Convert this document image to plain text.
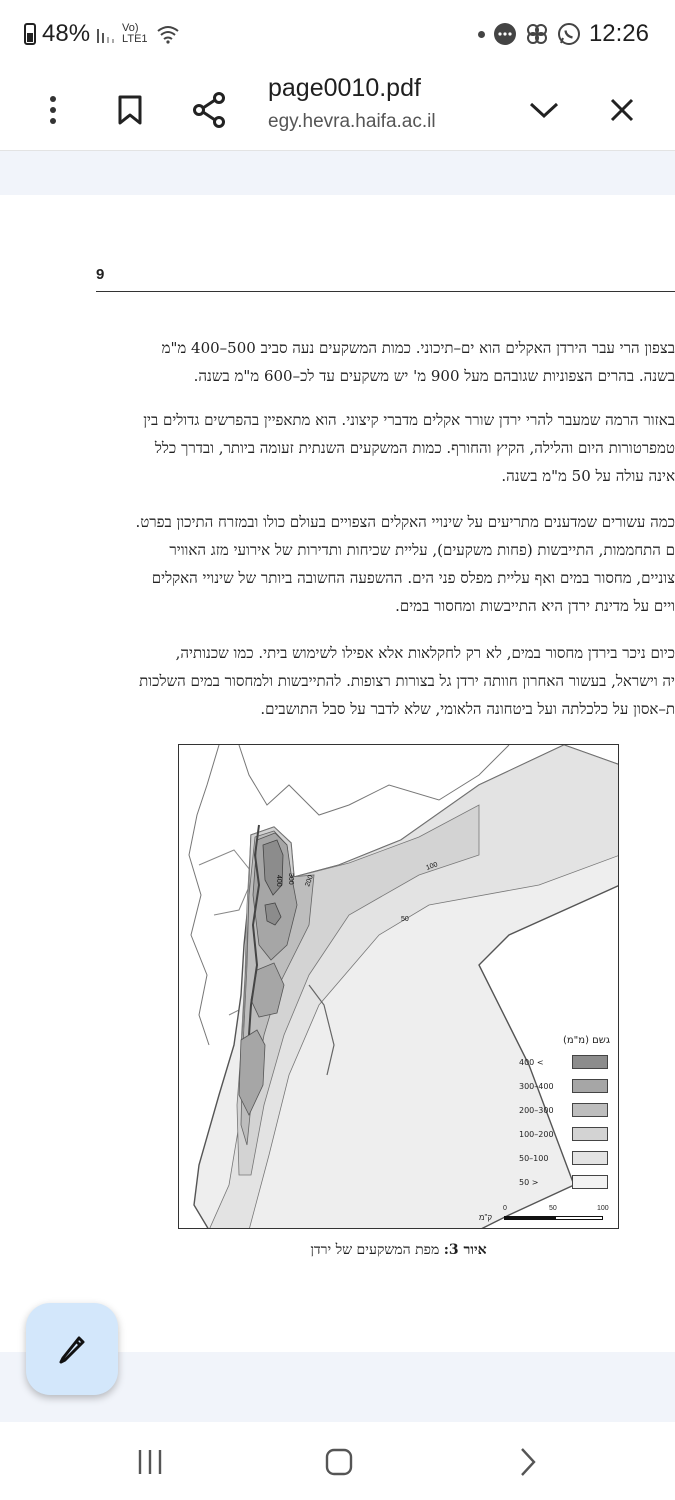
48%	Vo) LTE1	12:26
page0010.pdf
egy.hevra.haifa.ac.il
9
בצפון הרי עבר הירדן האקלים הוא ים–תיכוני. כמות המשקעים נעה סביב 500–400 מ"מ
בשנה. בהרים הצפוניות שגובהם מעל 900 מ' יש משקעים עד לכ–600 מ"מ בשנה.
באזור הרמה שמעבר להרי ירדן שורר אקלים מדברי קיצוני. הוא מתאפיין בהפרשים גדולים בין
טמפרטורות היום והלילה, הקיץ והחורף. כמות המשקעים השנתית זעומה ביותר, ובדרך כלל
אינה עולה על 50 מ"מ בשנה.
כמה עשורים שמדענים מתריעים על שינויי האקלים הצפויים בעולם כולו ובמזרח התיכון בפרט.
ם התחממות, התייבשות (פחות משקעים), עליית שכיחות ותדירות של אירועי מזג האוויר
צוניים, מחסור במים ואף עליית מפלס פני הים. ההשפעה החשובה ביותר של שינויי האקלים
ויים על מדינת ירדן היא התייבשות ומחסור במים.
כיום ניכר בירדן מחסור במים, לא רק לחקלאות אלא אפילו לשימוש ביתי. כמו שכנותיה,
יה וישראל, בעשור האחרון חוותה ירדן גל בצורות רצופות. להתייבשות ולמחסור במים השלכות
ת–אסון על כלכלתה ועל ביטחונה הלאומי, שלא לדבר על סבל התושבים.
400 300 200
100
50
גשם (מ"מ)
400 <
300–400
200–300
100–200
50–100
50 >
0	50	100
ק"מ
איור 3: מפת המשקעים של ירדן
